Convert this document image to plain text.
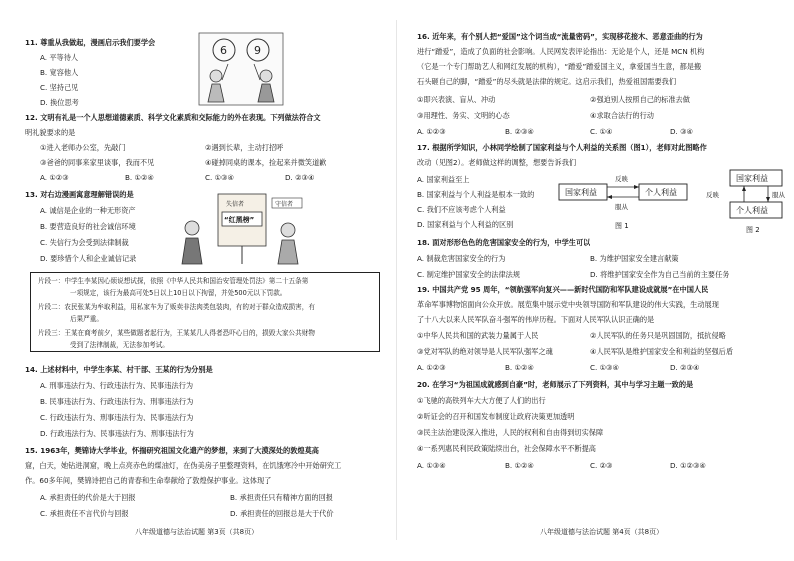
11. 尊重从我做起，漫画启示我们要学会
A. 平等待人
B. 宽容他人
C. 坚持己见
D. 换位思考
6 9
12. 文明有礼是一个人思想道德素质、科学文化素质和交际能力的外在表现。下列做法符合文
明礼貌要求的是
①进入老师办公室，先敲门	②遇到长辈，主动打招呼
③爸爸的同事来家里谈事，我而不见	④碰掉同桌的课本，捡起来并微笑道歉
A. ①②③	B. ①②④	C. ①③④	D. ②③④
13. 对右边漫画寓意理解错误的是
A. 诚信是企业的一种无形资产
B. 要营造良好的社会诚信环境
C. 失信行为会受到法律制裁
D. 要珍惜个人和企业诚信记录
失信者
“红黑榜”
守信者
片段一：中学生李某因心烦说想试探，依照《中华人民共和国治安管理处罚法》第二十五条第
一项规定，该行为最高可处5日以上10日以下拘留，并处500元以下罚款。
片段二：农民张某为牟取利益，用私家车为了贩卖非法肉类包装肉，有的对于群众造成损害，有
后果严重。
片段三：王某在商考前夕，某些做题者起行为，王某某几人得者恐吓心目的，损毁大家公共财物
受到了法律制裁，无法参加考试。
14. 上述材料中，中学生李某、村干部、王某的行为分别是
A. 刑事违法行为、行政违法行为、民事违法行为
B. 民事违法行为、行政违法行为、刑事违法行为
C. 行政违法行为、刑事违法行为、民事违法行为
D. 行政违法行为、民事违法行为、刑事违法行为
15. 1963年，樊锦诗大学毕业，怀揣研究祖国文化遗产的梦想，来到了大漠深处的敦煌莫高
窟，白天，她钻进洞窟，晚上点亮赤色的煤油灯，在伪美房子里整理资料，在饥饿寒冷中开始研究工
作。60多年间，樊锦诗把自己的青春和生命奉献给了敦煌保护事业。这体现了
A. 承担责任的代价是大于回报	B. 承担责任只有精神方面的回报
C. 承担责任不言代价与回报	D. 承担责任的回报总是大于代价
八年级道德与法治试题 第3页（共8页）
16. 近年来，有个别人把“爱国”这个词当成“流量密码”，实现移花接木、恶意歪曲的行为
进行“蹭爱”，造成了负面的社会影响。人民网发表评论指出：无论是个人，还是 MCN 机构
（它是一个专门帮助艺人和网红发展的机构），“蹭爱”蹭爱国主义，拿爱国当生意，都是搬
石头砸自己的脚，“蹭爱”的尽头就是法律的规定。这启示我们，热爱祖国需要我们
①即兴表演、盲从、冲动	②强迫别人按照自己的标准去做
③用理性、务实、文明的心态	④求取合法行的行动
A. ①②③	B. ②③④	C. ①④	D. ③④
17. 根据所学知识，小林同学绘制了国家利益与个人利益的关系图（图1），老师对此图略作
改动（见图2）。老师做这样的调整，想要告诉我们
A. 国家利益至上
B. 国家利益与个人利益是根本一致的
C. 我们不应该考虑个人利益
D. 国家利益与个人利益的区别
国家利益	个人利益
反映
服从
图 1
国家利益
个人利益
反映	服从
图 2
18. 面对形形色色的危害国家安全的行为，中学生可以
A. 制裁危害国家安全的行为	B. 为维护国家安全建言献策
C. 制定维护国家安全的法律法规	D. 将维护国家安全作为自己当前的主要任务
19. 中国共产党 95 周年，“领航强军向复兴——新时代国防和军队建设成就展”在中国人民
革命军事博物馆面向公众开放。展览集中展示党中央领导国防和军队建设的伟大实践，生动展现
了十八大以来人民军队奋斗强军的伟岸历程。下面对人民军队认识正确的是
①中华人民共和国的武装力量属于人民	②人民军队的任务只是巩固国防，抵抗侵略
③党对军队的绝对领导是人民军队强军之魂	④人民军队是维护国家安全和利益的坚强后盾
A. ①②③	B. ①②④	C. ①③④	D. ②③④
20. 在学习“为祖国成就感到自豪”时，老师展示了下列资料，其中与学习主题一致的是
①飞驰的高铁列车大大方便了人们的出行
②听证会的召开和国发布制度让政府决策更加透明
③民主法治建设深入推进，人民的权利和自由得到切实保障
④一系列惠民利民政策陆续出台，社会保障水平不断提高
A. ①③④	B. ①②④	C. ②③	D. ①②③④
八年级道德与法治试题 第4页（共8页）
